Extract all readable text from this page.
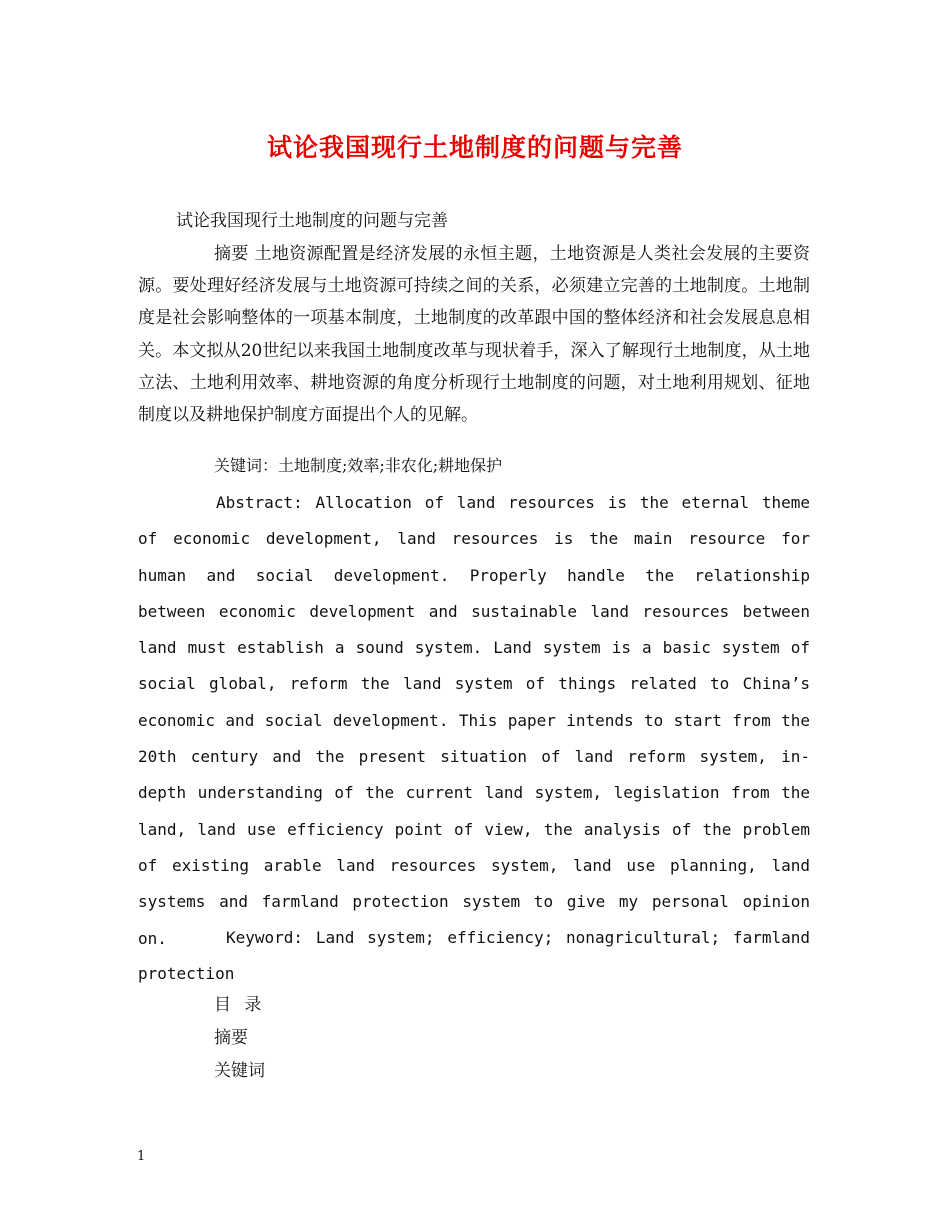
试论我国现行土地制度的问题与完善
试论我国现行土地制度的问题与完善
摘要 土地资源配置是经济发展的永恒主题，土地资源是人类社会发展的主要资源。要处理好经济发展与土地资源可持续之间的关系，必须建立完善的土地制度。土地制度是社会影响整体的一项基本制度，土地制度的改革跟中国的整体经济和社会发展息息相关。本文拟从20世纪以来我国土地制度改革与现状着手，深入了解现行土地制度，从土地立法、土地利用效率、耕地资源的角度分析现行土地制度的问题，对土地利用规划、征地制度以及耕地保护制度方面提出个人的见解。
关键词：土地制度;效率;非农化;耕地保护
Abstract: Allocation of land resources is the eternal theme of economic development, land resources is the main resource for human and social development. Properly handle the relationship between economic development and sustainable land resources between land must establish a sound system. Land system is a basic system of social global, reform the land system of things related to China’s economic and social development. This paper intends to start from the 20th century and the present situation of land reform system, in-depth understanding of the current land system, legislation from the land, land use efficiency point of view, the analysis of the problem of existing arable land resources system, land use planning, land systems and farmland protection system to give my personal opinion on.	Keyword: Land system; efficiency; nonagricultural; farmland protection
目 录
摘要
关键词
1
